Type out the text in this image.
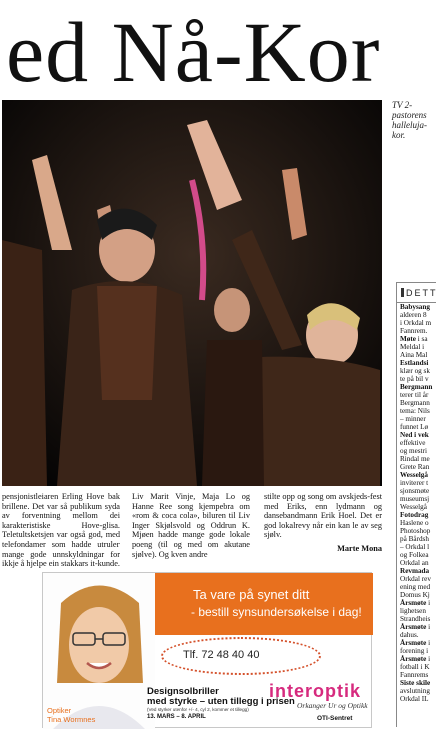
ed Nå-Kor
TV 2-pastorens halleluja-kor.

pensjonistleiaren Erling Hove bak brillene. Det var så publikum syda av forventning mellom dei karakteristiske Hove-glisa. Teletultsketsjen var også god, med telefondamer som hadde utrulег mange gode unnskyldningar for ikkje å hjelpe ein stakkars it-kunde.

Liv Marit Vinje, Maja Lo og Hanne Ree song kjempebra om «rom & coca cola», biluren til Liv Inger Skjølsvold og Oddrun K. Mjøen hadde mange gode lokale poeng (til og med om akutane sjølve). Og kven andre

stilte opp og song om avskjeds-fest med Eriks, enn lydmann og dansebandmann Erik Hoel. Det er god lokalrevy når ein kan le av seg sjølv.
Marte Mona
DETT
Babysang
alderen 8
i Orkdal m
Fannrem.
Møte i sa
Meldal i
Aina Mal
Estlandsi
klær og sk
te på bil v
Bergmann
terer til år
Bergmann
tema: Nils
– minner
funnet Lø
Ned i vek
effektive
og mestri
Rindal me
Grete Ran
Wesselgå
inviterer t
sjonsmøte
museumsj
Wesselgå
Fotodrag
Haslene o
Photoshop
på Bårdsh
– Orkdal l
og Folkea
Orkdal an
Revmada
Orkdal rev
ening med
Domus Kj
Årsmøte i
lighetsen
Strandheis
Årsmøte i
dahus.
Årsmøte i
forening i
Årsmøte i
fotball i K
Fannrems
Siste skile
avslutning
Orkdal IL
Ta vare på synet ditt
- bestill synsundersøkelse i dag!
Tlf. 72 48 40 40
Designsolbriller
med styrke – uten tillegg i prisen
(Ved styrker utenfor +/- 4, cyl 2, kommer et tillegg)
13. MARS – 8. APRIL
interoptik
Orkanger Ur og Optikk
OTI-Sentret
Optiker
Tina Wormnes
